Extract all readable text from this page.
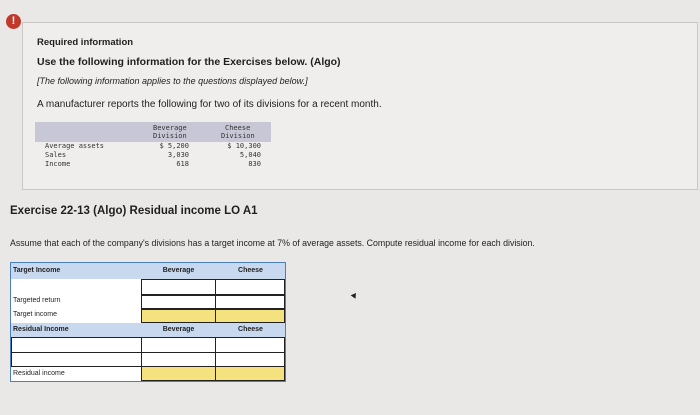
!
Required information
Use the following information for the Exercises below. (Algo)
[The following information applies to the questions displayed below.]
A manufacturer reports the following for two of its divisions for a recent month.
Beverage
Division
Cheese
Division
Average assets	$ 5,200	$ 10,300
Sales	3,030	5,040
Income	618	830
Exercise 22-13 (Algo) Residual income LO A1
Assume that each of the company's divisions has a target income at 7% of average assets. Compute residual income for each division.
Target Income	Beverage	Cheese
Targeted return
Target income
Residual Income	Beverage	Cheese
Residual income
